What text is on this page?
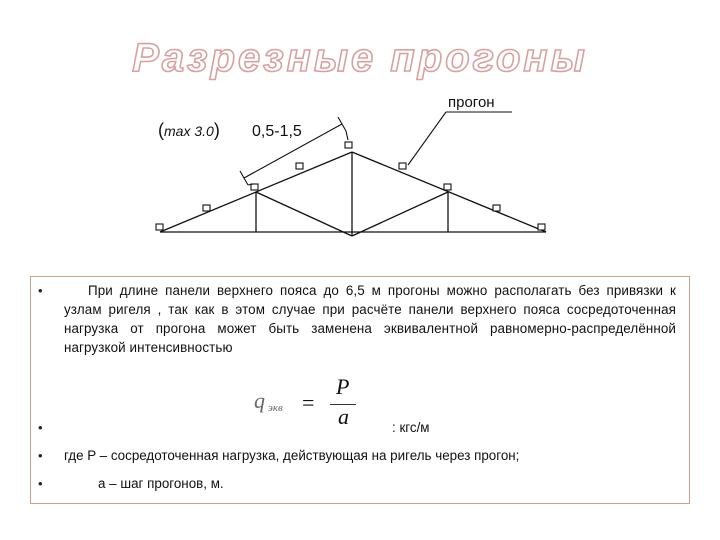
Разрезные прогоны
(max 3.0) 0,5-1,5
прогон
•
•
•
•

При длине панели верхнего пояса до 6,5 м прогоны можно располагать без привязки к узлам ригеля , так как в этом случае при расчёте панели верхнего пояса сосредоточенная нагрузка от прогона может быть заменена эквивалентной равномерно-распределённой нагрузкой интенсивностью

q экв =
P
a	: кгс/м
где P – сосредоточенная нагрузка, действующая на ригель через прогон;
a – шаг прогонов, м.
